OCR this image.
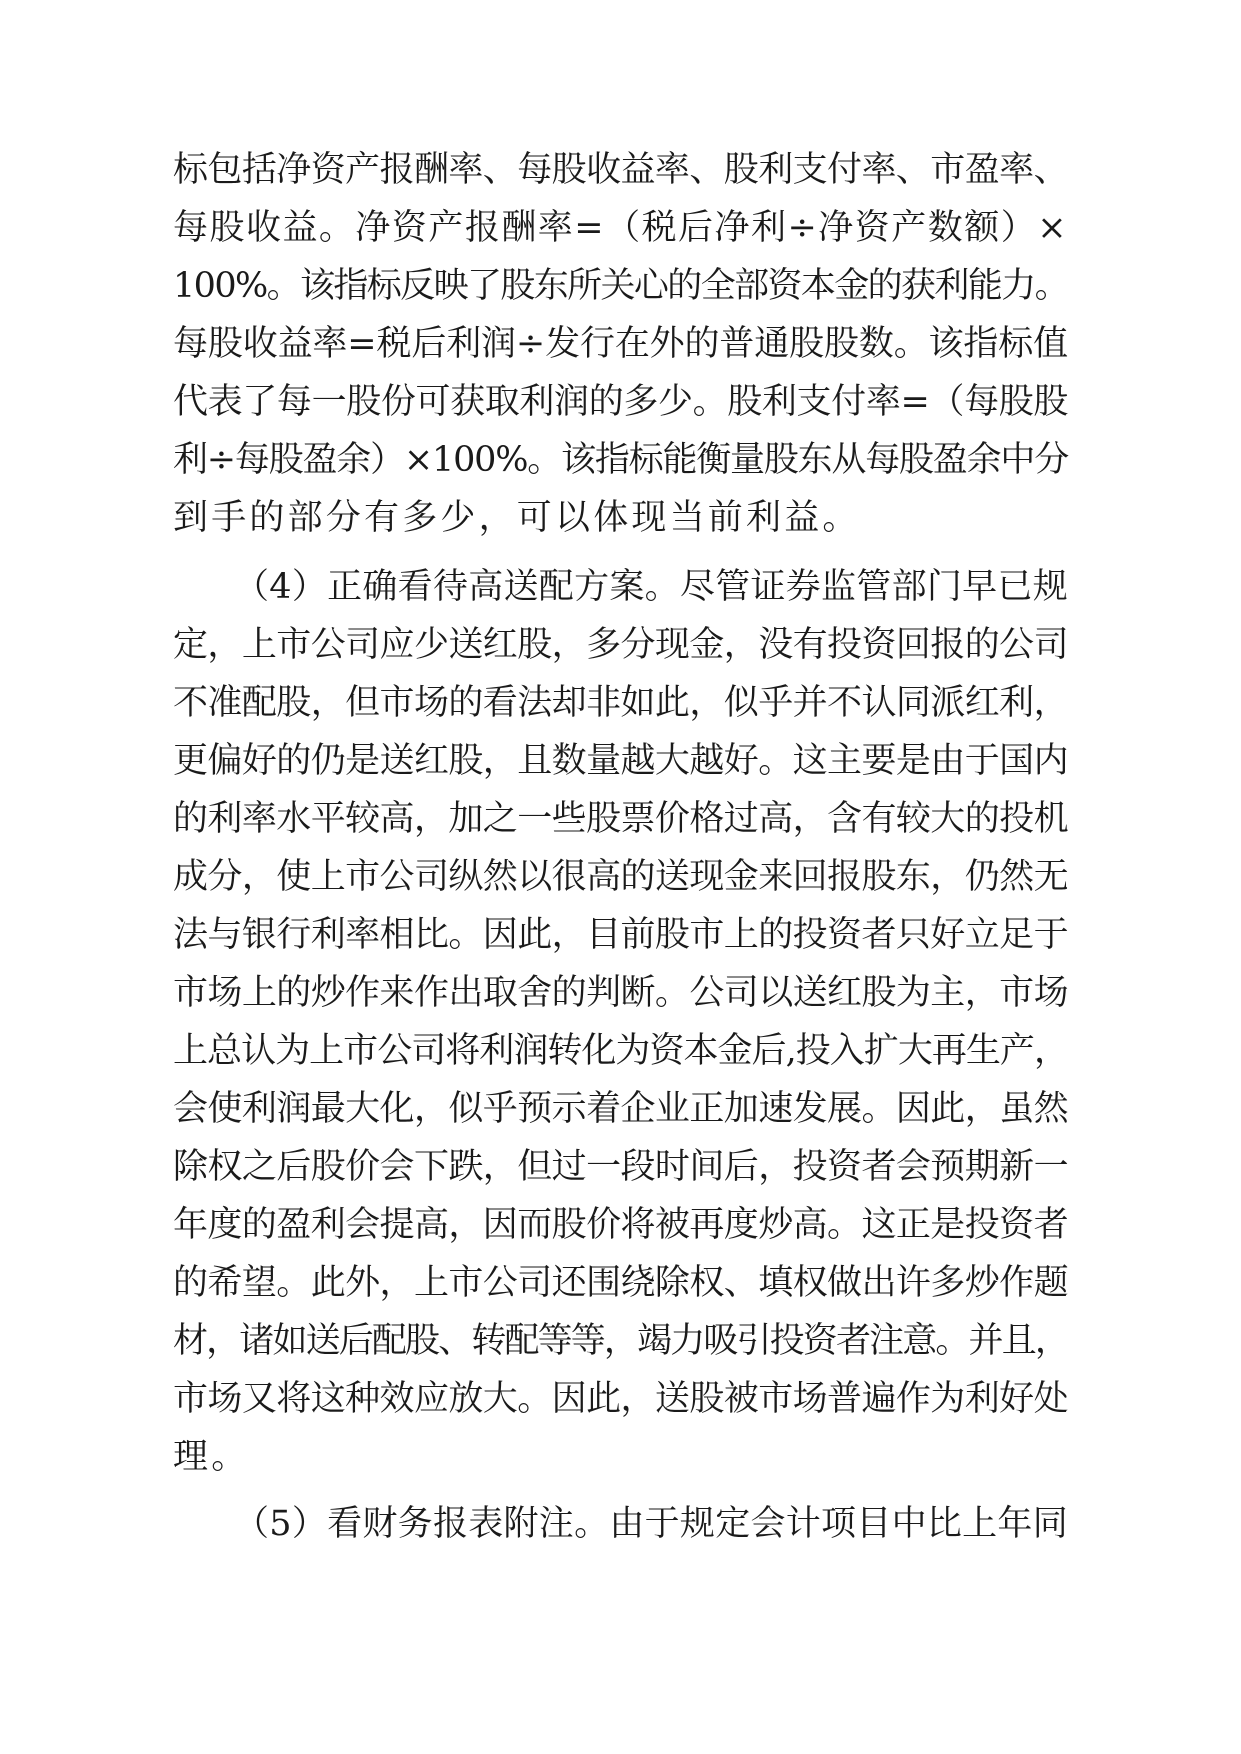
标包括净资产报酬率、每股收益率、股利支付率、市盈率、
每股收益。净资产报酬率=（税后净利÷净资产数额）×
100%。该指标反映了股东所关心的全部资本金的获利能力。
每股收益率=税后利润÷发行在外的普通股股数。该指标值
代表了每一股份可获取利润的多少。股利支付率=（每股股
利÷每股盈余）×100%。该指标能衡量股东从每股盈余中分
到手的部分有多少，可以体现当前利益。
（4）正确看待高送配方案。尽管证券监管部门早已规
定，上市公司应少送红股，多分现金，没有投资回报的公司
不准配股，但市场的看法却非如此，似乎并不认同派红利，
更偏好的仍是送红股，且数量越大越好。这主要是由于国内
的利率水平较高，加之一些股票价格过高，含有较大的投机
成分，使上市公司纵然以很高的送现金来回报股东，仍然无
法与银行利率相比。因此，目前股市上的投资者只好立足于
市场上的炒作来作出取舍的判断。公司以送红股为主，市场
上总认为上市公司将利润转化为资本金后,投入扩大再生产，
会使利润最大化，似乎预示着企业正加速发展。因此，虽然
除权之后股价会下跌，但过一段时间后，投资者会预期新一
年度的盈利会提高，因而股价将被再度炒高。这正是投资者
的希望。此外，上市公司还围绕除权、填权做出许多炒作题
材，诸如送后配股、转配等等，竭力吸引投资者注意。并且，
市场又将这种效应放大。因此，送股被市场普遍作为利好处
理。
（5）看财务报表附注。由于规定会计项目中比上年同
